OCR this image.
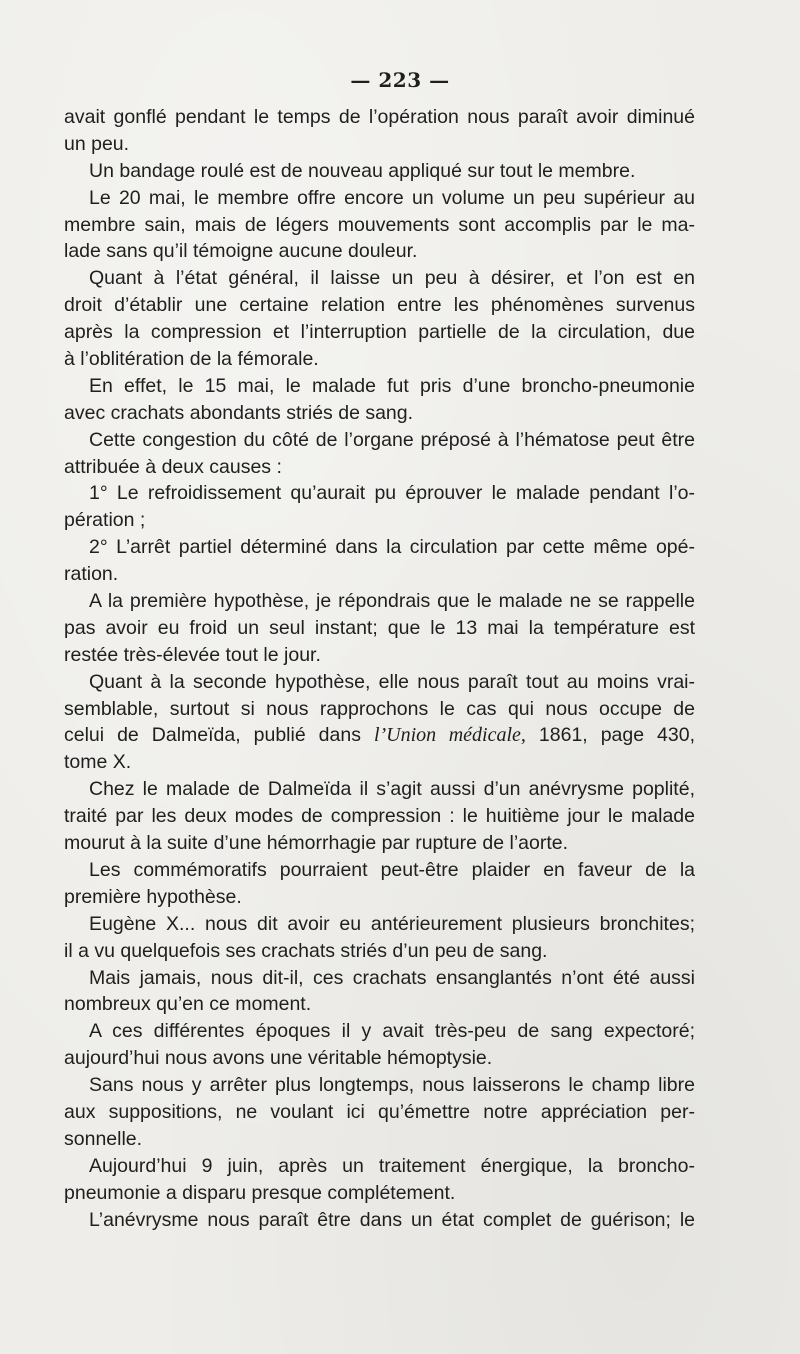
— 223 —
avait gonflé pendant le temps de l’opération nous paraît avoir diminué
un peu.
Un bandage roulé est de nouveau appliqué sur tout le membre.
Le 20 mai, le membre offre encore un volume un peu supérieur au
membre sain, mais de légers mouvements sont accomplis par le ma-
lade sans qu’il témoigne aucune douleur.
Quant à l’état général, il laisse un peu à désirer, et l’on est en
droit d’établir une certaine relation entre les phénomènes survenus
après la compression et l’interruption partielle de la circulation, due
à l’oblitération de la fémorale.
En effet, le 15 mai, le malade fut pris d’une broncho-pneumonie
avec crachats abondants striés de sang.
Cette congestion du côté de l’organe préposé à l’hématose peut être
attribuée à deux causes :
1° Le refroidissement qu’aurait pu éprouver le malade pendant l’o-
pération ;
2° L’arrêt partiel déterminé dans la circulation par cette même opé-
ration.
A la première hypothèse, je répondrais que le malade ne se rappelle
pas avoir eu froid un seul instant; que le 13 mai la température est
restée très-élevée tout le jour.
Quant à la seconde hypothèse, elle nous paraît tout au moins vrai-
semblable, surtout si nous rapprochons le cas qui nous occupe de
celui de Dalmeïda, publié dans l’Union médicale, 1861, page 430,
tome X.
Chez le malade de Dalmeïda il s’agit aussi d’un anévrysme poplité,
traité par les deux modes de compression : le huitième jour le malade
mourut à la suite d’une hémorrhagie par rupture de l’aorte.
Les commémoratifs pourraient peut-être plaider en faveur de la
première hypothèse.
Eugène X... nous dit avoir eu antérieurement plusieurs bronchites;
il a vu quelquefois ses crachats striés d’un peu de sang.
Mais jamais, nous dit-il, ces crachats ensanglantés n’ont été aussi
nombreux qu’en ce moment.
A ces différentes époques il y avait très-peu de sang expectoré;
aujourd’hui nous avons une véritable hémoptysie.
Sans nous y arrêter plus longtemps, nous laisserons le champ libre
aux suppositions, ne voulant ici qu’émettre notre appréciation per-
sonnelle.
Aujourd’hui 9 juin, après un traitement énergique, la broncho-
pneumonie a disparu presque complétement.
L’anévrysme nous paraît être dans un état complet de guérison; le
